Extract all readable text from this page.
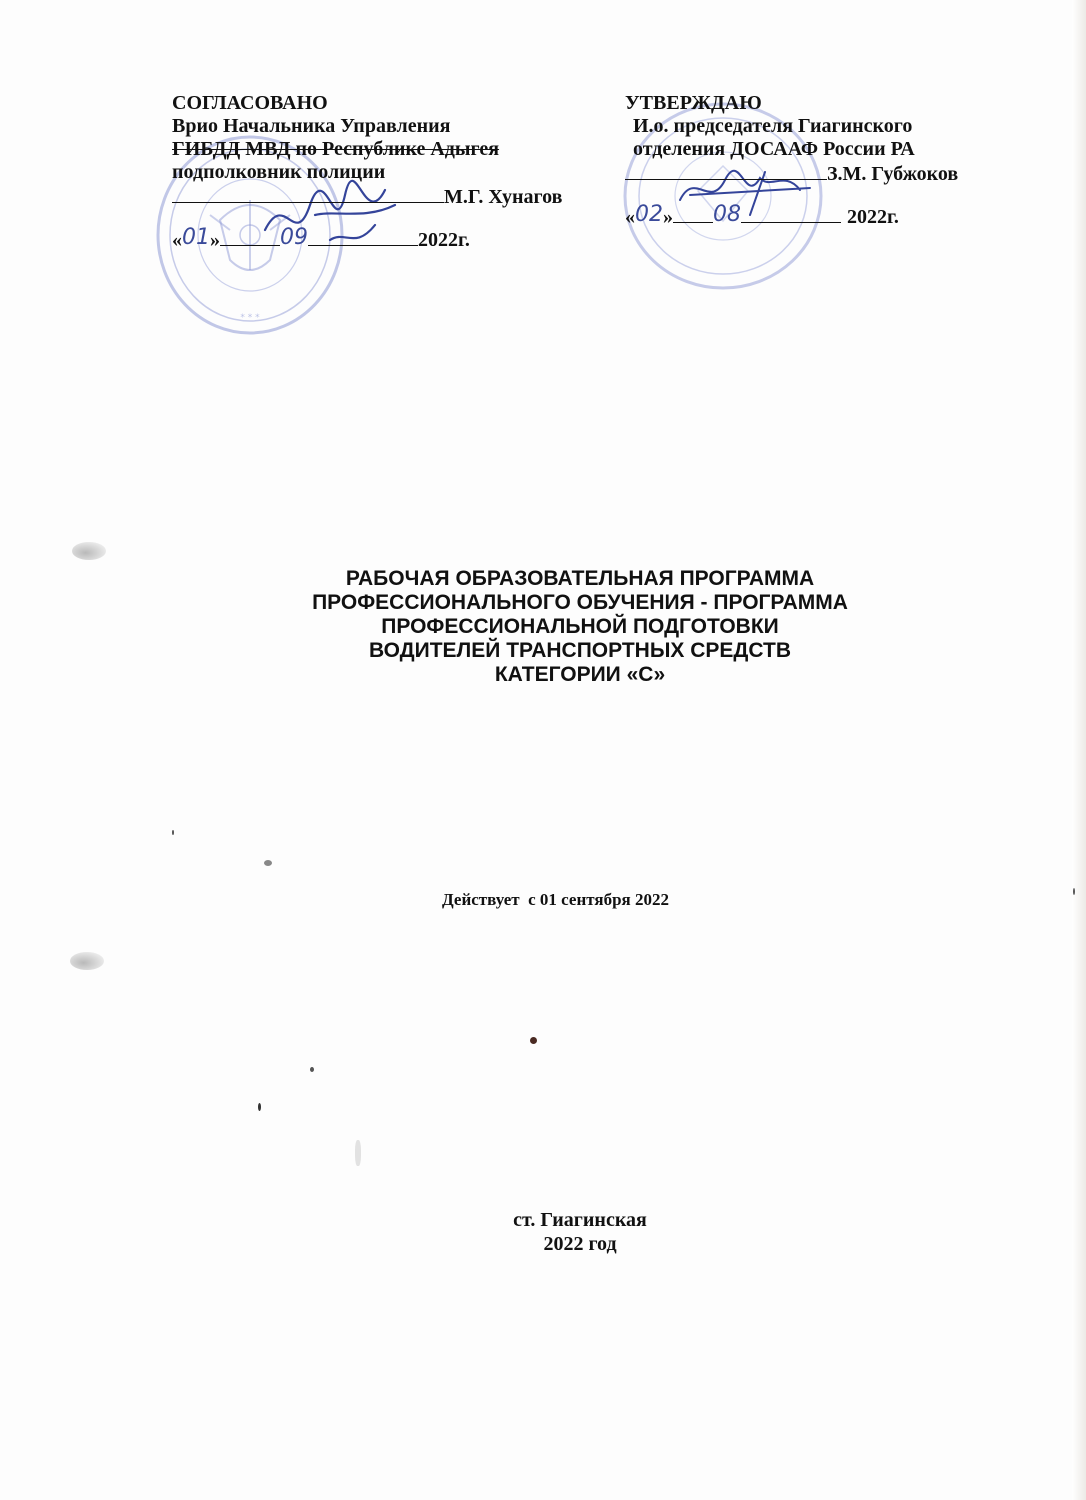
* * *
СОГЛАСОВАНО
Врио Начальника Управления
ГИБДД МВД по Республике Адыгея
подполковник полиции
М.Г. Хунагов
«01»	09	2022г.
УТВЕРЖДАЮ
И.о. председателя Гиагинского
отделения ДОСААФ России РА
З.М. Губжоков
«02» 08	2022г.
РАБОЧАЯ ОБРАЗОВАТЕЛЬНАЯ ПРОГРАММА
ПРОФЕССИОНАЛЬНОГО ОБУЧЕНИЯ - ПРОГРАММА
ПРОФЕССИОНАЛЬНОЙ ПОДГОТОВКИ
ВОДИТЕЛЕЙ ТРАНСПОРТНЫХ СРЕДСТВ
КАТЕГОРИИ «С»
Действует  с 01 сентября 2022
ст. Гиагинская
2022 год
